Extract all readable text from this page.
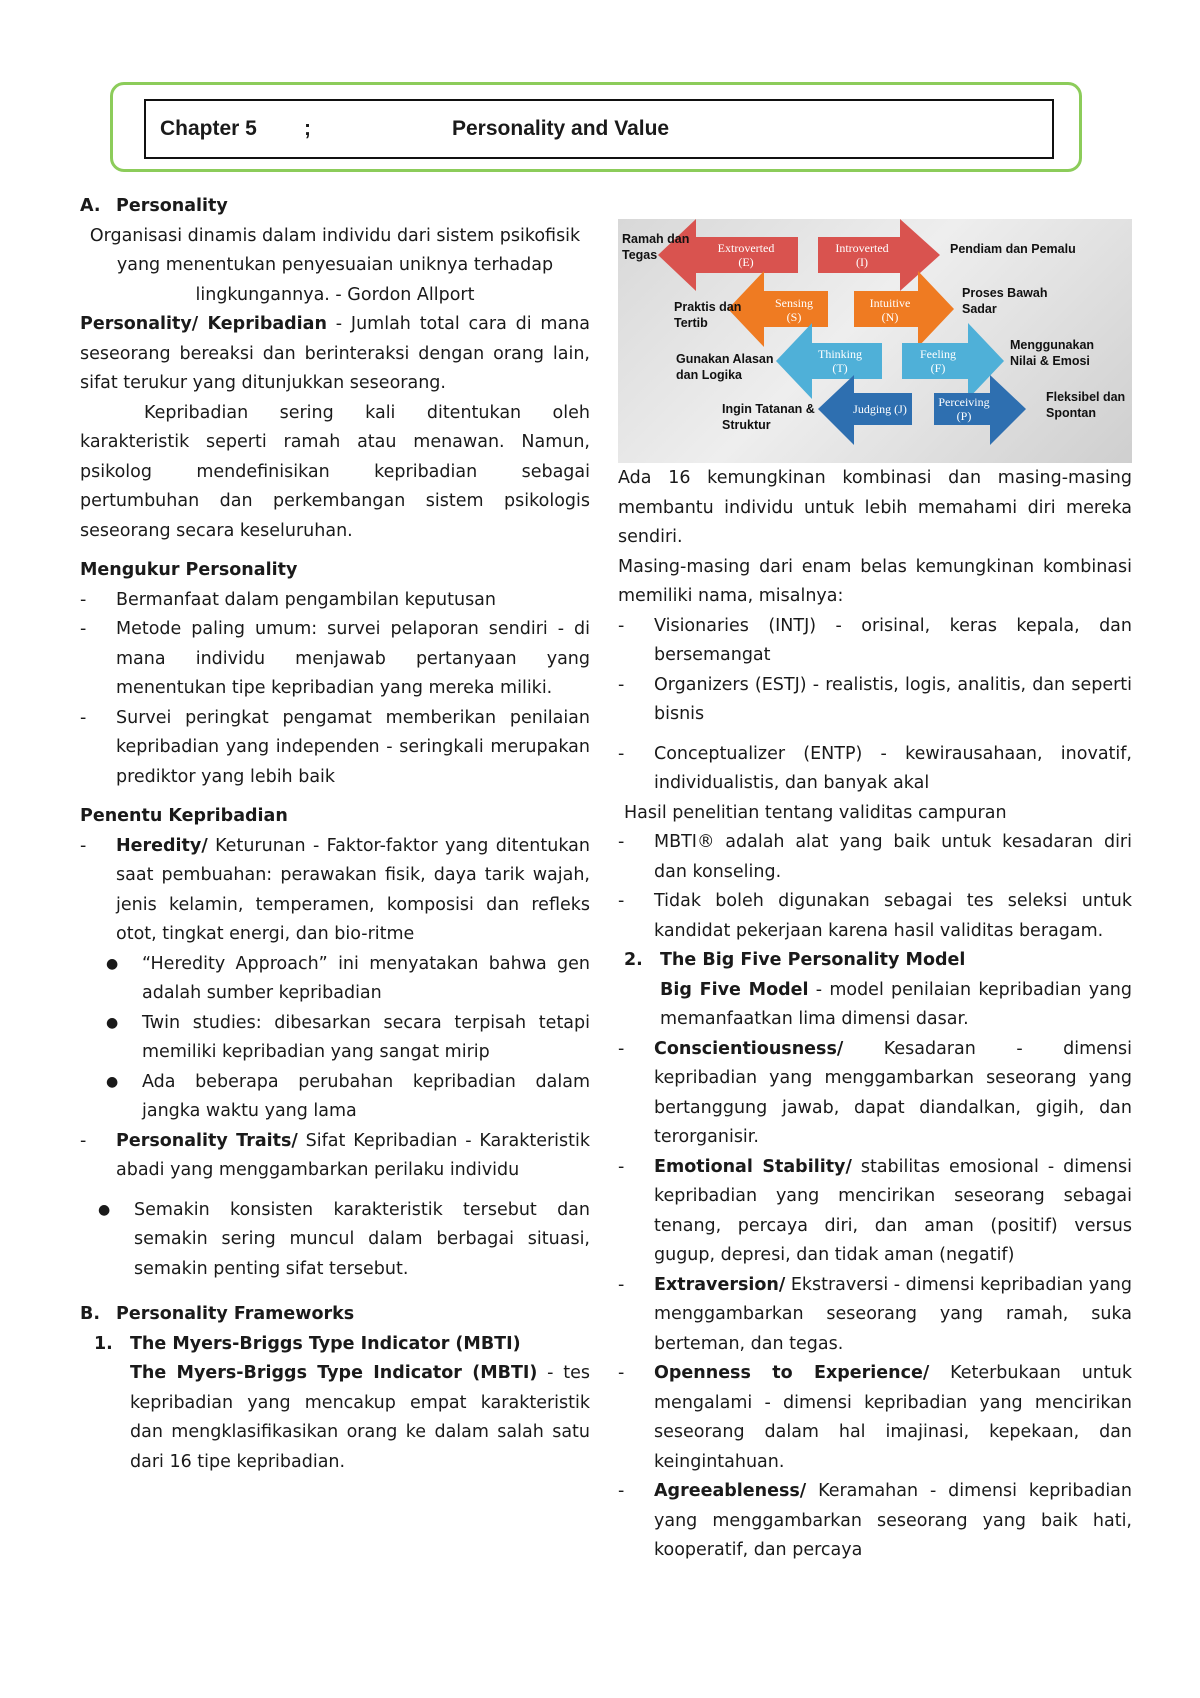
Chapter 5 ;	Personality and Value
A. Personality

Organisasi dinamis dalam individu dari sistem psikofisik

yang menentukan penyesuaian uniknya terhadap

lingkungannya. - Gordon Allport

Personality/ Kepribadian - Jumlah total cara di mana seseorang bereaksi dan berinteraksi dengan orang lain, sifat terukur yang ditunjukkan seseorang.

Kepribadian sering kali ditentukan oleh karakteristik seperti ramah atau menawan. Namun, psikolog mendefinisikan kepribadian sebagai pertumbuhan dan perkembangan sistem psikologis seseorang secara keseluruhan.

Mengukur Personality

-	Bermanfaat dalam pengambilan keputusan
-	Metode paling umum: survei pelaporan sendiri - di mana individu menjawab pertanyaan yang menentukan tipe kepribadian yang mereka miliki.
-	Survei peringkat pengamat memberikan penilaian kepribadian yang independen - seringkali merupakan prediktor yang lebih baik

Penentu Kepribadian

-	Heredity/ Keturunan - Faktor-faktor yang ditentukan saat pembuahan: perawakan fisik, daya tarik wajah, jenis kelamin, temperamen, komposisi dan refleks otot, tingkat energi, dan bio-ritme
●	“Heredity Approach” ini menyatakan bahwa gen adalah sumber kepribadian
●	Twin studies: dibesarkan secara terpisah tetapi memiliki kepribadian yang sangat mirip
●	Ada beberapa perubahan kepribadian dalam jangka waktu yang lama
-	Personality Traits/ Sifat Kepribadian - Karakteristik abadi yang menggambarkan perilaku individu
●	Semakin konsisten karakteristik tersebut dan semakin sering muncul dalam berbagai situasi, semakin penting sifat tersebut.
B. Personality Frameworks
1. The Myers-Briggs Type Indicator (MBTI)

The Myers-Briggs Type Indicator (MBTI) - tes kepribadian yang mencakup empat karakteristik dan mengklasifikasikan orang ke dalam salah satu dari 16 tipe kepribadian.

Extroverted
(E)
Introverted
(I)
Sensing
(S)
Intuitive
(N)
Thinking
(T)
Feeling
(F)
Judging (J)	Perceiving
(P)
Ramah dan Tegas	Pendiam dan Pemalu
Praktis dan Tertib
Proses Bawah Sadar
Gunakan Alasan dan Logika
Menggunakan Nilai & Emosi
Ingin Tatanan & Struktur
Fleksibel dan Spontan

Ada 16 kemungkinan kombinasi dan masing-masing membantu individu untuk lebih memahami diri mereka sendiri.

Masing-masing dari enam belas kemungkinan kombinasi memiliki nama, misalnya:

-	Visionaries (INTJ) - orisinal, keras kepala, dan bersemangat
-	Organizers (ESTJ) - realistis, logis, analitis, dan seperti bisnis
-	Conceptualizer (ENTP) - kewirausahaan, inovatif, individualistis, dan banyak akal

Hasil penelitian tentang validitas campuran

-	MBTI® adalah alat yang baik untuk kesadaran diri dan konseling.
-	Tidak boleh digunakan sebagai tes seleksi untuk kandidat pekerjaan karena hasil validitas beragam.
2. The Big Five Personality Model

Big Five Model - model penilaian kepribadian yang memanfaatkan lima dimensi dasar.

-	Conscientiousness/ Kesadaran - dimensi kepribadian yang menggambarkan seseorang yang bertanggung jawab, dapat diandalkan, gigih, dan terorganisir.
-	Emotional Stability/ stabilitas emosional - dimensi kepribadian yang mencirikan seseorang sebagai tenang, percaya diri, dan aman (positif) versus gugup, depresi, dan tidak aman (negatif)
-	Extraversion/ Ekstraversi - dimensi kepribadian yang menggambarkan seseorang yang ramah, suka berteman, dan tegas.
-	Openness to Experience/ Keterbukaan untuk mengalami - dimensi kepribadian yang mencirikan seseorang dalam hal imajinasi, kepekaan, dan keingintahuan.
-	Agreeableness/ Keramahan - dimensi kepribadian yang menggambarkan seseorang yang baik hati, kooperatif, dan percaya
